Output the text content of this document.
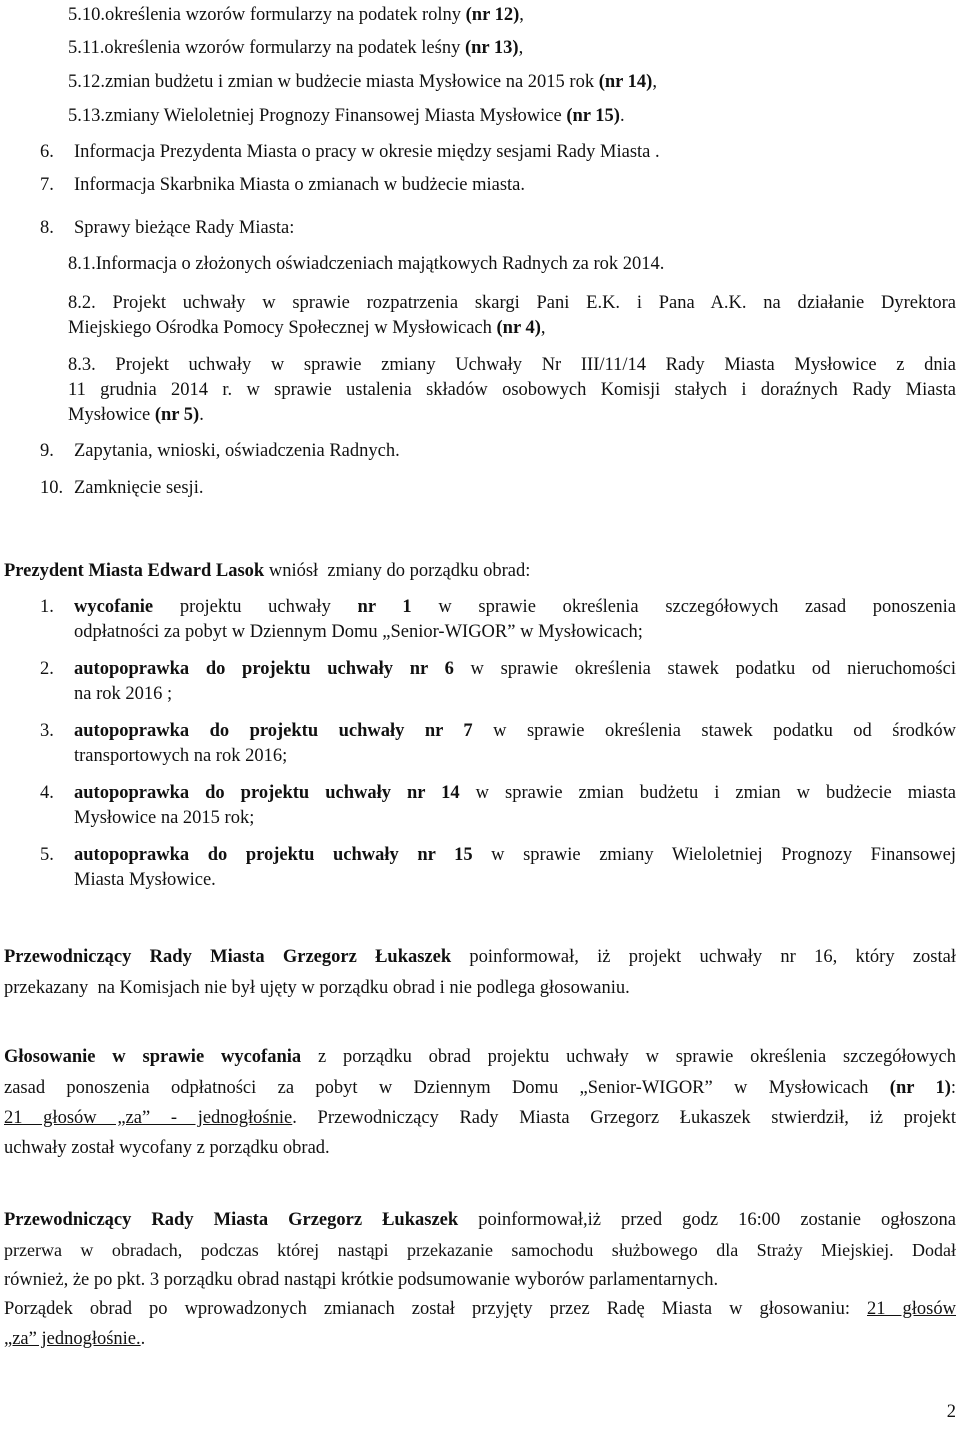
5.10.określenia wzorów formularzy na podatek rolny (nr 12),
5.11.określenia wzorów formularzy na podatek leśny (nr 13),
5.12.zmian budżetu i zmian w budżecie miasta Mysłowice na 2015 rok (nr 14),
5.13.zmiany Wieloletniej Prognozy Finansowej Miasta Mysłowice (nr 15).
6. Informacja Prezydenta Miasta o pracy w okresie między sesjami Rady Miasta .
7. Informacja Skarbnika Miasta o zmianach w budżecie miasta.
8. Sprawy bieżące Rady Miasta:
8.1.Informacja o złożonych oświadczeniach majątkowych Radnych za rok 2014.
8.2. Projekt uchwały w sprawie rozpatrzenia skargi Pani E.K. i Pana A.K. na działanie Dyrektora
Miejskiego Ośrodka Pomocy Społecznej w Mysłowicach (nr 4),
8.3. Projekt uchwały w sprawie zmiany Uchwały Nr III/11/14 Rady Miasta Mysłowice z dnia
11 grudnia 2014 r. w sprawie ustalenia składów osobowych Komisji stałych i doraźnych Rady Miasta
Mysłowice (nr 5).
9. Zapytania, wnioski, oświadczenia Radnych.
10. Zamknięcie sesji.
Prezydent Miasta Edward Lasok wniósł  zmiany do porządku obrad:
1. wycofanie projektu uchwały nr 1 w sprawie określenia szczegółowych zasad ponoszenia
odpłatności za pobyt w Dziennym Domu „Senior-WIGOR” w Mysłowicach;
2. autopoprawka do projektu uchwały nr 6 w sprawie określenia stawek podatku od nieruchomości
na rok 2016 ;
3. autopoprawka do projektu uchwały nr 7 w sprawie określenia stawek podatku od środków
transportowych na rok 2016;
4. autopoprawka do projektu uchwały nr 14 w sprawie zmian budżetu i zmian w budżecie miasta
Mysłowice na 2015 rok;
5. autopoprawka do projektu uchwały nr 15 w sprawie zmiany Wieloletniej Prognozy Finansowej
Miasta Mysłowice.
Przewodniczący Rady Miasta Grzegorz Łukaszek poinformował, iż projekt uchwały nr 16, który został
przekazany  na Komisjach nie był ujęty w porządku obrad i nie podlega głosowaniu.
Głosowanie w sprawie wycofania z porządku obrad projektu uchwały w sprawie określenia szczegółowych
zasad ponoszenia odpłatności za pobyt w Dziennym Domu „Senior-WIGOR” w Mysłowicach (nr 1):
21 głosów „za” - jednogłośnie. Przewodniczący Rady Miasta Grzegorz Łukaszek stwierdził, iż projekt
uchwały został wycofany z porządku obrad.
Przewodniczący Rady Miasta Grzegorz Łukaszek poinformował,iż przed godz 16:00 zostanie ogłoszona
przerwa w obradach, podczas której nastąpi przekazanie samochodu służbowego dla Straży Miejskiej. Dodał
również, że po pkt. 3 porządku obrad nastąpi krótkie podsumowanie wyborów parlamentarnych.
Porządek obrad po wprowadzonych zmianach został przyjęty przez Radę Miasta w głosowaniu: 21 głosów
„za” jednogłośnie..
2
